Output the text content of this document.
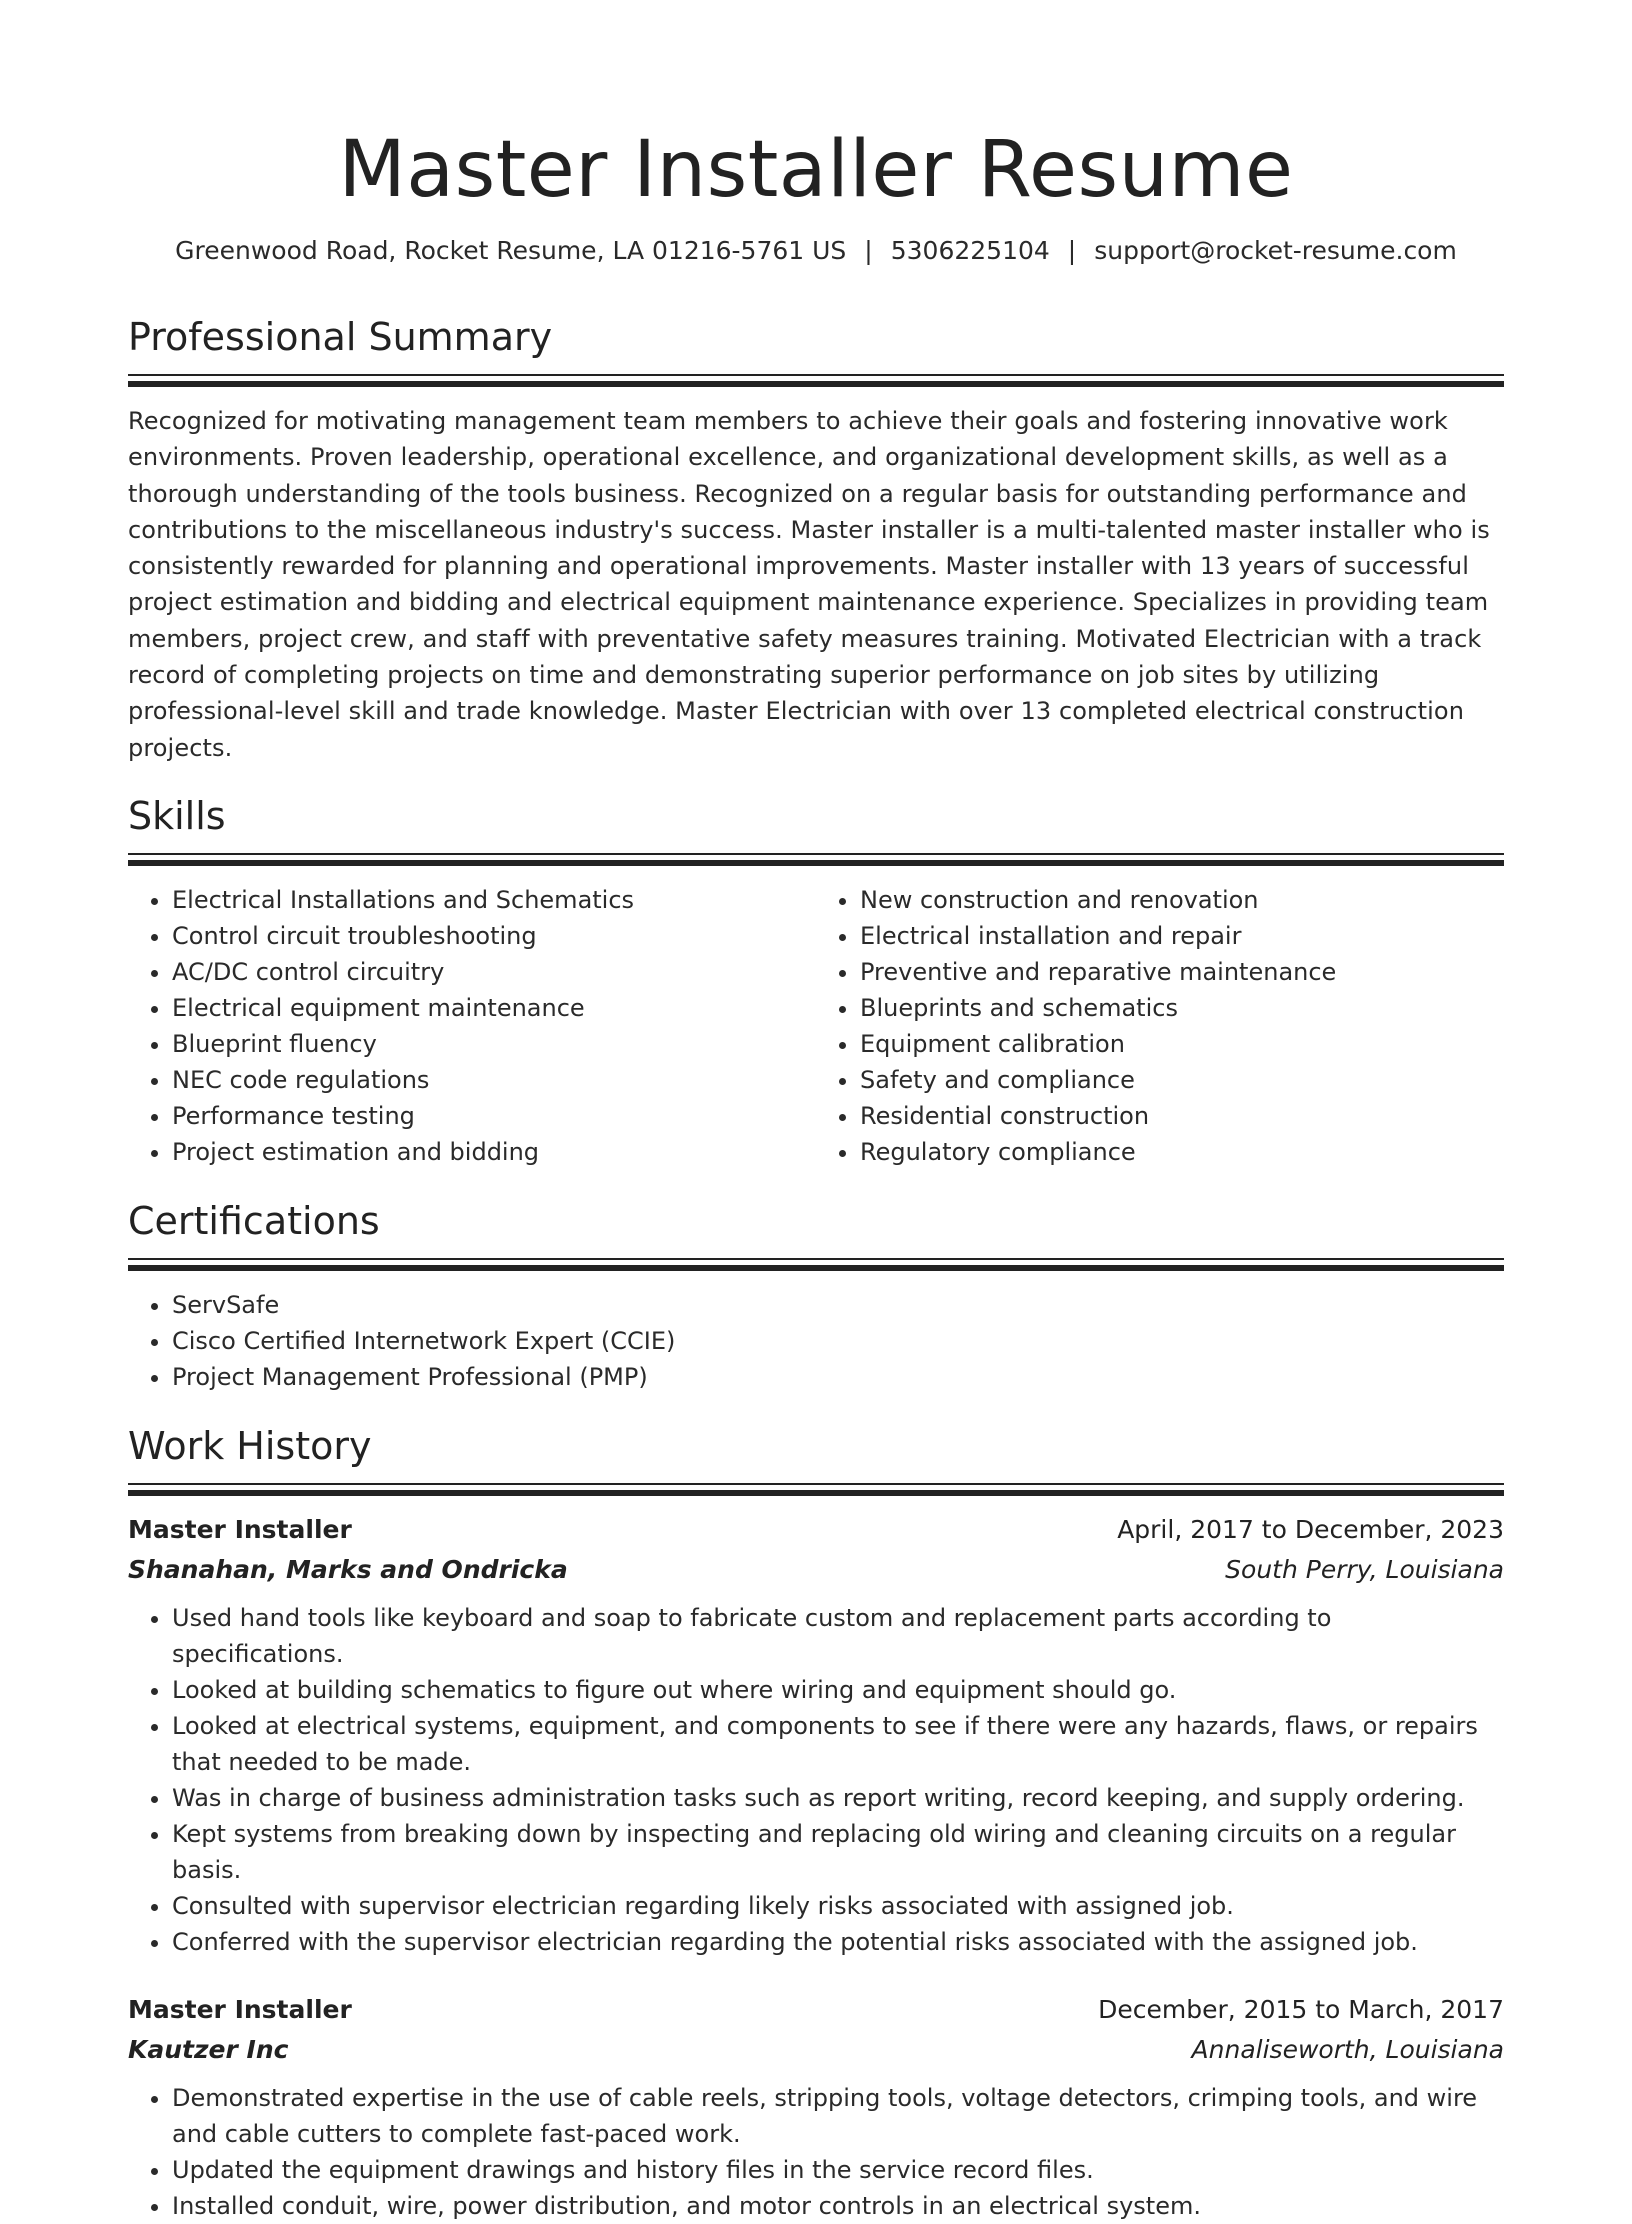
Master Installer Resume
Greenwood Road, Rocket Resume, LA 01216-5761 US | 5306225104 | support@rocket-resume.com
Professional Summary
Recognized for motivating management team members to achieve their goals and fostering innovative work environments. Proven leadership, operational excellence, and organizational development skills, as well as a thorough understanding of the tools business. Recognized on a regular basis for outstanding performance and contributions to the miscellaneous industry's success. Master installer is a multi-talented master installer who is consistently rewarded for planning and operational improvements. Master installer with 13 years of successful project estimation and bidding and electrical equipment maintenance experience. Specializes in providing team members, project crew, and staff with preventative safety measures training. Motivated Electrician with a track record of completing projects on time and demonstrating superior performance on job sites by utilizing professional-level skill and trade knowledge. Master Electrician with over 13 completed electrical construction projects.
Skills
• Electrical Installations and Schematics
• Control circuit troubleshooting
• AC/DC control circuitry
• Electrical equipment maintenance
• Blueprint fluency
• NEC code regulations
• Performance testing
• Project estimation and bidding
• New construction and renovation
• Electrical installation and repair
• Preventive and reparative maintenance
• Blueprints and schematics
• Equipment calibration
• Safety and compliance
• Residential construction
• Regulatory compliance
Certifications
• ServSafe
• Cisco Certified Internetwork Expert (CCIE)
• Project Management Professional (PMP)
Work History
Master Installer	April, 2017 to December, 2023
Shanahan, Marks and Ondricka	South Perry, Louisiana
• Used hand tools like keyboard and soap to fabricate custom and replacement parts according to specifications.
• Looked at building schematics to figure out where wiring and equipment should go.
• Looked at electrical systems, equipment, and components to see if there were any hazards, flaws, or repairs that needed to be made.
• Was in charge of business administration tasks such as report writing, record keeping, and supply ordering.
• Kept systems from breaking down by inspecting and replacing old wiring and cleaning circuits on a regular basis.
• Consulted with supervisor electrician regarding likely risks associated with assigned job.
• Conferred with the supervisor electrician regarding the potential risks associated with the assigned job.
Master Installer	December, 2015 to March, 2017
Kautzer Inc	Annaliseworth, Louisiana
• Demonstrated expertise in the use of cable reels, stripping tools, voltage detectors, crimping tools, and wire and cable cutters to complete fast-paced work.
• Updated the equipment drawings and history files in the service record files.
• Installed conduit, wire, power distribution, and motor controls in an electrical system.
